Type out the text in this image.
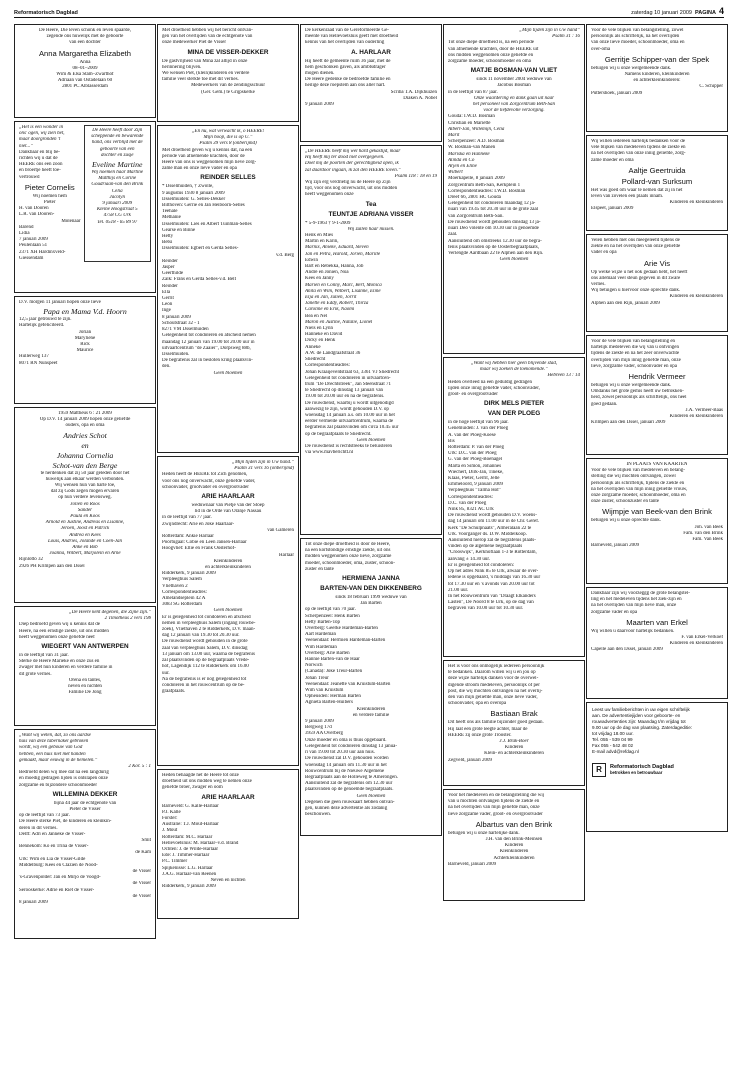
Reformatorisch Dagblad	zaterdag 10 januari 2009 PAGINA 4
De Heere, Die leven schonk en leven spaarde,
zegende ons huwelijk met de geboorte
van een dochter
Anna Margaretha Elizabeth
Anna
08–01–2009
Wim & Elsa Stam–Zwarthof
Adriaan van Ostadelaan 60
2801 PC Alblasserdam
„Het is een wonder in
ons' ogen, wij zien het,
maar doorgronden 't
niet...”
Dankbaar en blij be-
richten wij u dat de
HEERE ons een zoon
en broertje heeft toe-
vertrouwd
Pieter Cornelis
Wij noemen hem
Pieter
H. van Dooren
L.R. van Dooren-
Molenaar
Barend
Lidia
7 januari 2009
Peulenlaan 51
2371 XH Hardinxveld-
Giessendam
De Heere heeft door Zijn
scheppende en bewarende
hand, ons verblijd met de
geboorte van een
dochter en zusje
Eveline Martine
Wij noemen haar Martine
Matthijs en Corine
Goudriaan-van den Brink
Celia
Jacolyn
9 januari 2009
Kleine Hoogstraat 5
4758 CG Urk
Tel. 0518 - 65 89 97
D.V. morgen 11 januari hopen onze lieve
Papa en Mama V.d. Hoorn
12,5 jaar getrouwd te zijn.
Hartelijk gefeliciteerd.
Jorian
Maryliene
Rick
Maurice
Hullerweg 137
8071 RN Nunspeet
1959 Mattheüs 6 : 21 2009
Op D.V. 14 januari 2009 hopen onze geliefde
ouders, opa en oma
Andries Schot
en
Johanna Cornelia
Schot-van den Berge
te herdenken dat zij 50 jaar geleden door het
huwelijk aan elkaar werden verbonden.
Wij wensen hun van harte toe,
dat zij Gods zegen mogen ervaren
op hun verdere levensweg.
Jolien en Roos
Sander
Paula en Koos
Arnold en Justine, Andreas en Lisanne,
Jeroen, Joost en Patrick
Andrea en Kees
Louis, Andries, Jolande en Coen-Jan
Anke en Bob
Joanna, Wilbert, Marjolein en Arne
Rijnlotto 32
2926 PH Krimpen aan den IJssel
„De Heere kent degenen, die Zijne zijn.”
2 Timotheüs 2 vers 19b
Diep bedroefd geven wij u kennis dat de
Heere, na een ernstige ziekte, uit ons midden
heeft weggenomen onze geliefde neef
WIEGERT VAN ANTWERPEN
in de leeftijd van 31 jaar.
Sterke de Heere Marieke en onze zus en
zwager met hun kinderen en verdere familie in
dit grote verlies.
Orena en tantes,
neven en nichten
Familie De Jong
„Want wij weten, dat, zo ons aardse
huis van deze tabernakel gebroken
wordt, wij een gebouw van God
hebben, een huis niet met handen
gemaakt, maar eeuwig in de hemelen.”
2 Kor. 5 : 1
Bedroefd delen wij mee dat na een langdurig
en moedig gedragen lijden is ontslapen onze
zorgzame en bijzondere schoonmoeder
WILLEMINA DEKKER
bijna 44 jaar de echtgenote van
Pieter de Visser
op de leeftijd van 73 jaar.
De Heere sterke Piet, de kinderen en kleinkin-
deren in dit verlies.
Delft: Adri en Janneke de Visser-
Smit
Benneko​m: Ko en Trina de Visser-
de Kam
Urk: Wim en Lia de Visser-Gilde
Middelburg: Kees en Clazien de Nood-
de Visser
's-Gravenpolder: Jan en Mirjo de Voogd-
de Visser
Serooskerke: Adrie en Riet de Visser-
de Visser
8 januari 2009
Met droefheid hebben wij het bericht ontvan-
gen van het overlijden van de echtgenote van
onze medewerker Piet de Visser
MINA DE VISSER-DEKKER
De gastvrijheid van Mina zal altijd in onze
herinnering blijven.
We wensen Piet, (klein)kinderen en verdere
familie veel sterkte toe met dit verlies.
Medewerkers van de zendingsschuur
(Ger. Gem.) te Grijpskerke
„En nu, wat verwacht ik, o HEERE!
Mijn hoop, die is op U.”
Psalm 39 vers 8 (onberijmd)
Met droefheid geven wij u kennis dat, na een
periode van afnemende krachten, door de
Heere van ons is weggenomen mijn lieve zorg-
zame man en onze lieve vader en opa
REINDER SELLES
* IJsselmuiden, † Zwolle,
9 augustus 1930 8 januari 2009
IJsselmuiden: G. Selles-Dekker
Bilthoven: Gerrie en Jan Heiboorn-Selles
Teehale
Methanie
IJsselmuiden: Lies en Albert Tuinman-Selles
Gearse en Binne
Hetty
Betsi
IJsselmuiden: Egbert en Gerda Selles-
v.d. Berg
Reinder
Jasper
Geerthilde
Zalk: Frans en Gerda Selles-v.d. Belt
Reinder
Ella
Gerrit
Leon
Inge
8 januari 2009
Schoutstraat 32 - 1
8271 VM IJsselmuiden
Gelegenheid tot condoleren en afscheid nemen
maandag 12 januari van 19.00 tot 20.00 uur in
uitvaartcentrum "de Zaaier", Dorpsweg 88b,
IJsselmuiden.
De begrafenis zal in besloten kring plaatsvin-
den.
Geen bloemen
„Mijn tijden zijn in Uw hand.”
Psalm 31 vers 16 (onberijmd)
Heden heeft de HEERE tot Zich genomen,
voor ons nog onverwacht, onze geliefde vader,
schoonvader, grootvader en overgrootvader
ARIE HAARLAAR
weduwnaar van Pietje van der Stoep
lid in de Orde van Oranje Nassau
in de leeftijd van 77 jaar.
Zwijndrecht: Arie en Joke Haarlaar-
van Gameren
Rotterdam: Ankie Harlaar
Poortugaal: Cobie en Leen Jansen-Harlaar
Hoogvliet: Ellie en Frank Oosterhof-
Harlaar
Kleinkinderen
en achterkleinkinderen
Ridderkerk, 9 januari 2009
Verpleeghuis Salem
Vliethaven 2
Correspondentieadres:
Amelandseplein 42 A
3083 SG Rotterdam
Geen bloemen
Er is gelegenheid tot condoleren en afscheid
nemen in verpleeghuis Salem (ingang rouwbe-
zoek), Vliethaven 2 te Ridderkerk, D.V. maan-
dag 12 januari van 19.30 tot 20.30 uur.
De rouwdienst wordt gehouden in de grote
zaal van verpleeghuis Salem, D.V. dinsdag
13 januari om 13.00 uur, waarna de begrafenis
zal plaatsvinden op de begraafplaats Vrede-
hof, Lagendijk 112 te Ridderkerk om 16.00
uur.
Na de begrafenis is er nog gelegenheid tot
condoleren in het rouwcentrum op de be-
graafplaats.
Heden behaagde het de Heere tot onze
droefheid uit ons midden weg te nemen onze
geliefde broer, zwager en oom
ARIE HAARLAAR
Barneveld: G. Kalle-Harlaar
P.J. Kalle
Forster:
Australië: T.J. Mout-Harlaar
J. Mout
Rotterdam: M.C. Harlaar
Hellevoetsluis: M. Harlaar–v.d. Brand
Ochten: J. de Wilde-Harlaar
Ede: J. Timmer-Harlaar
P.C. Timmer
Spijkenisse: L.G. Harlaar
J.A.G. Harlaar-van Reenen
Neven en nichten
Ridderkerk, 9 januari 2009
De kerkenraad van de Gereformeerde Ge-
meente van Hellevoetsluis geeft met droefheid
kennis van het overlijden van ouderling
A. HARLAAR
Hij heeft de gemeente ruim 36 jaar, met de
hem geschonken gaven, als ambtsdrager
mogen dienen.
De Heere gedenke de bedroefde familie en
heilige deze roepstem aan ons aller hart.
Scriba T.A. Dijkhuizen
Diaken A. Nobel
9 januari 2009
„De HEERE heeft mij wel hard gekastijd, maar
Hij heeft mij ter dood niet overgegeven.
Doet mij de poorten der gerechtigheid open, ik
zal daardoor ingaan, ik zal den HEERE loven.”
Psalm 118 : 18 en 19
Wij zijn erg verdrietig nu de Heere op Zijn
tijd, voor ons nog onverwacht, uit ons midden
heeft weggenomen onze
Tea
TEUNTJE ADRIANA VISSER
* 5-9-1963 † 9-1-2009
Wij zullen haar missen.
Henk en Mies
Martin en Karin,
Marnix, Anieke, Eduard, Steven
Jan en Petra, Harold, Jorien, Marille
Edwin
Bart en Rebekka, Hanna, Job
André en Jonien, Noa
Kees en Janny
Marien en Conny, Marc, Bert, Monica
Anita en Wim, Wilbert, Lisanne, Eline
Elja en Jan, Julien, Jorrit
Janette en Eddy, Robert, Thirza
Caroline en Erik, Naomi
Bea en Nel
Maron en Justine, Natalie, Lionel
Niels en Lynn
Hanneke en David
Dicky en Henk
Anneke
A.W. de Landgraafstraat 36
Sliedrecht
Correspondentieadres:
Johan Kraaijeveldstraat 63, 3361 VJ Sliedrecht
Gelegenheid tot condoleren in uitvaartcen-
trum "De Drechtstreek", Jan Steenstraat 71
te Sliedrecht op dinsdag 13 januari van
19.00 tot 20.00 uur en na de begrafenis.
De rouwdienst, waarbij u wordt uitgenodigd
aanwezig te zijn, wordt gehouden D.V. op
woensdag 14 januari a.s. om 10.00 uur in het
eerder vermelde uitvaartcentrum, waarna de
begrafenis zal plaatsvinden om circa 10.45 uur
op de begraafplaats te Sliedrecht.
Geen bloemen
De rouwdienst is rechtstreeks te beluisteren
via www.mavberichtt.nl
Tot onze diepe droefheid is door de Heere,
na een kortstondige ernstige ziekte, uit ons
midden weggenomen onze lieve, zorgzame
moeder, schoonmoeder, oma, zuster, schoon-
zuster en tante
HERMIENA JANNA
BARTEN-VAN DEN DIKKENBERG
sinds 18 februari 1999 weduwe van
Jan Barten
op de leeftijd van 70 jaar.
Scherpenzeel: Henk Barten
Hetty Barten-Top
Overberg: Geerke Hardeman-Barten
Aart Hardeman
Veenendaal: Hermien Hardeman-Barten
Wim Hardeman
Overberg: Arie Barten
Hannie Barten-van de Haar
Norwich
(Canada): Joke Treur-Barten
Johan Treur
Veenendaal: Jeanette van Kruistum-Barten
Wim van Kruistum
Opheusden: Herman Barten
Agnieta Barten-Huibers
Kleinkinderen
en verdere familie
9 januari 2009
Bergweg 17d
3959 AA Overberg
Onze moeder en oma is thuis opgebaard.
Gelegenheid tot condoleren dinsdag 13 janua-
ri van 19.00 tot 20.30 uur aan huis.
De rouwdienst zal D.V. gehouden worden
woensdag 14 januari om 11.30 uur in het
Rouwcentrum bij de Nieuwe Algemene
Begraafplaats aan de Holleweg te Amerongen.
Aansluitend zal de begrafenis om 12.30 uur
plaatsvinden op de genoemde begraafplaats.
Geen bloemen
Degenen die geen rouwkaart hebben ontvan-
gen, kunnen deze advertentie als zodanig
beschouwen.
„Mijn tijden zijn in Uw hand”
Psalm 31 : 16
Tot onze diepe droefheid is, na een periode
van afnemende krachten, door de HEERE uit
ons midden weggenomen onze geliefde en
zorgzame moeder, schoonmoeder en oma
MATJE BOSMAN-VAN VLIET
sinds 11 november 2004 weduwe van
Jacobus Bosman
in de leeftijd van 87 jaar.
Onze waardering en dank gaan uit naar
het personeel van Zorgcentrum Beth-San
voor de liefdevolle verzorging.
Gouda: I.W.D. Bosman
Christian en Mariette
Albert-Jan, Willemijn, Celia
Marit
Scherpenzeel: A.D. Bosman
W. Bosman-van Manen
Mariska en Hanneke
Alinda en Co
Arjen en Eline
Wilbert
Moerkapelle, 8 januari 2009
Zorgcentrum Beth-San, Kerkplein 1
Correspondentieadres: I.W.D. Bosman
Dreef 66, 2801 HC Gouda
Gelegenheid tot condoleren maandag 12 ja-
nuari van 19.45 tot 20.30 uur in de grote zaal
van Zorgcentrum Beth-San.
De rouwdienst wordt gehouden dinsdag 13 ja-
nuari Deo volente om 10.30 uur in genoemde
zaal.
Aansluitend om omstreeks 12.30 uur de begra-
fenis plaatsvinden op de Oosterbegraafplaats,
Verlengde Aardbaan 22 te Alphen aan den Rijn.
Geen bloemen
„Want wij hebben hier geen blijvende stad,
maar wij zoeken de toekomende.”
Hebreën 13 : 14
Heden overleed na een geduldig gedragen
lijden onze innig geliefde vader, schoonvader,
groot- en overgrootvader
DIRK MELS PIETER
VAN DER PLOEG
in de hoge leeftijd van 96 jaar.
Genemuiden: J. van der Ploeg
A. van der Ploeg-Koese
Bis
Rotterdam: P. van der Ploeg
Urk: D.C. van der Ploeg
G. van der Ploeg-Boehagel
Marta en Simon, Johannes
Wiechert, Dirk-Jan, Tineke,
Klaas, Pieter, Gerrit, Jelle
Emmeloord, 9 januari 2009
Verpleeghuis "Talma Hof"
Correspondentieadres:
D.C. van der Ploeg
Nink 85, 8321 AC Urk
De rouwdienst wordt gehouden D.V. woens-
dag 14 januari om 11.00 uur in de Chr. Geref.
Kerk "De Schulpnaats", Almeralaan 22 te
Urk. Voorganger ds. D.W. Middelkoop.
Aansluitend hierop zal de begrafenis plaats-
vinden op de algemene begraafplaats
"Crooswijk", Kerkhoflaan 1-3 te Rotterdam,
aanvang ± 14.30 uur.
Er is gelegenheid tot condoleren:
Op het adres Nink 85 te Urk, alwaar de over-
ledene is opgebaard, 's middags van 16.30 uur
tot 17.30 uur en 's avonds van 20.00 uur tot
21.00 uur.
In het Rouwcentrum van "Draagt Elkanders
Lasten", De Noord 8 te Urk, op de dag van
begraven van 10.00 uur tot 10.30 uur.
Het is voor ons onmogelijk iedereen persoonlijk
te bedanken. Daarom willen wij u en jou op
deze wijze hartelijk danken voor de overwel-
digende stroom medeleven, persoonlijk of per
post, die wij mochten ontvangen na het overlij-
den van mijn geliefde man, onze lieve vader,
schoonvader, opa en overopa
Bastiaan Brak
Dit heeft ons als familie bijzonder goed gedaan.
Hij laat een grote leegte achter, maar de
HEERE zij onze grote Trooster.
J.J. Brak-Boer
Kinderen
Klein- en achterkleinkinderen
Zegveld, januari 2009
Voor het medeleven en de belangstelling die wij
van u mochten ontvangen tijdens de ziekte en
na het overlijden van mijn geliefde man, onze
lieve zorgzame vader, groot- en overgrootvader
Albartus van den Brink
betuigen wij u onze hartelijke dank.
J.H. van den Brink-Meinsen
Kinderen
Kleinkinderen
Achterkleinkinderen
Barneveld, januari 2009
Voor de vele blijken van belangstelling, zowel
persoonlijk als schriftelijk, na het overlijden
van onze lieve moeder, schoonmoeder, oma en
over-oma
Gerritje Schipper-van der Spek
betuigen wij u onze welgemeende dank.
Namens kinderen, kleinkinderen
en achterkleinkinderen:
C. Schipper
Puttershoek, januari 2009
Wij willen iedereen hartelijk bedanken voor de
vele blijken van medeleven tijdens de ziekte en
na het overlijden van onze innig geliefde, zorg-
zame moeder en oma
Aaltje Geertruida
Pollard-van Surksum
Het was goed om waar te nemen dat zij in het
leven van zovelen een plaats innam.
Kinderen en kleinkinderen
Elspeet, januari 2009
Velen hebben met ons meegeleefd tijdens de
ziekte en na het overlijden van onze geliefde
vader en opa
Arie Vis
Op welke wijze u het ook gedaan hebt, het heeft
ons allemaal veel steun gegeven in dit zware
verlies.
Wij betuigen u hiervoor onze oprechte dank.
Kinderen en kleinkinderen
Alphen aan den Rijn, januari 2009
Voor de vele blijken van belangstelling en
hartelijk medeleven die wij van u ontvingen
tijdens de ziekte en na het zeer onverwachte
overlijden van mijn innig geliefde man, onze
lieve, zorgzame vader, schoonvader en opa
Hendrik Vermeer
betuigen wij u onze welgemeende dank.
Omdanks het grote gemis heeft uw betrokken-
heid, zowel persoonlijk als schriftelijk, ons heel
goed gedaan.
J.A. Vermeer-Baas
Kinderen en kleinkinderen
Krimpen aan den IJssel, januari 2009
IN PLAATS VAN KAARTEN
Voor de vele blijken van medeleven en belang-
stelling die wij mochten ontvangen, zowel
persoonlijk als schriftelijk, tijdens de ziekte en
na het overlijden van mijn innig geliefde vrouw,
onze zorgzame moeder, schoonmoeder, oma en
onze zuster, schoonzuster en tante
Wijmpje van Beek-van den Brink
betuigen wij u onze oprechte dank.
Joh. van Beek
Fam. van den Brink
Fam. Van Beek
Barneveld, januari 2009
Dankbaar zijn wij voorzeggg de grote belangstel-
ling en het medeleven tijdens het ziek-zijn en
na het overlijden van mijn lieve man, onze
zorgzame vader en opa
Maarten van Erkel
Wij willen u daarvoor hartelijk bedanken.
F. van Erkel-Verkoef
Kinderen en kleinkinderen
Capelle aan den IJssel, januari 2009
Leest uw familieberichten in uw eigen schriftelijk
aan. De advertentiejijden voor geboorte- en
rouwadvertenties zijn: Maandag t/m vrijdag tot
9.00 uur op de dag van plaatsing. Zaterdageditie:
tot vrijdag 18.00 uur.
Tel. 055 - 539 04 99
Fax 055 - 542 48 02
E-mail advd@refdag.nl
R	Reformatorisch Dagblad
betrokken en betrouwbaar
